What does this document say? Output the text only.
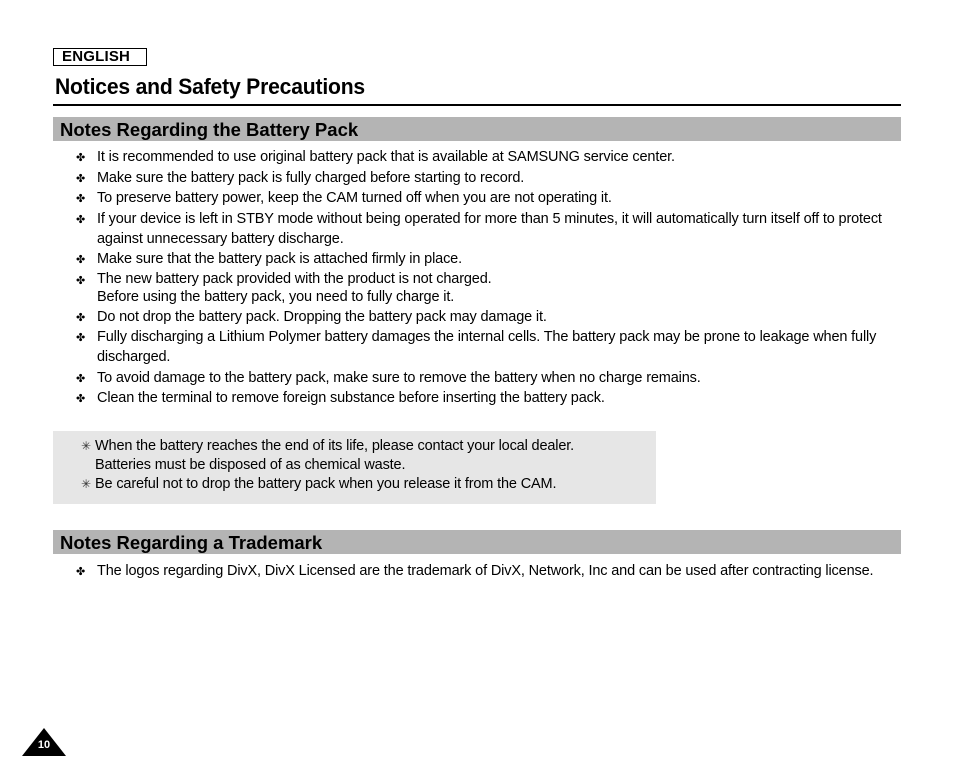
ENGLISH
Notices and Safety Precautions
Notes Regarding the Battery Pack
✤ It is recommended to use original battery pack that is available at SAMSUNG service center.
✤ Make sure the battery pack is fully charged before starting to record.
✤ To preserve battery power, keep the CAM turned off when you are not operating it.
✤ If your device is left in STBY mode without being operated for more than 5 minutes, it will automatically turn itself off to protect against unnecessary battery discharge.
✤ Make sure that the battery pack is attached firmly in place.
✤ The new battery pack provided with the product is not charged.
Before using the battery pack, you need to fully charge it.
✤ Do not drop the battery pack. Dropping the battery pack may damage it.
✤ Fully discharging a Lithium Polymer battery damages the internal cells. The battery pack may be prone to leakage when fully discharged.
✤ To avoid damage to the battery pack, make sure to remove the battery when no charge remains.
✤ Clean the terminal to remove foreign substance before inserting the battery pack.
✳ When the battery reaches the end of its life, please contact your local dealer.
Batteries must be disposed of as chemical waste.
✳ Be careful not to drop the battery pack when you release it from the CAM.
Notes Regarding a Trademark
✤ The logos regarding DivX, DivX Licensed are the trademark of DivX, Network, Inc and can be used after contracting license.
10
